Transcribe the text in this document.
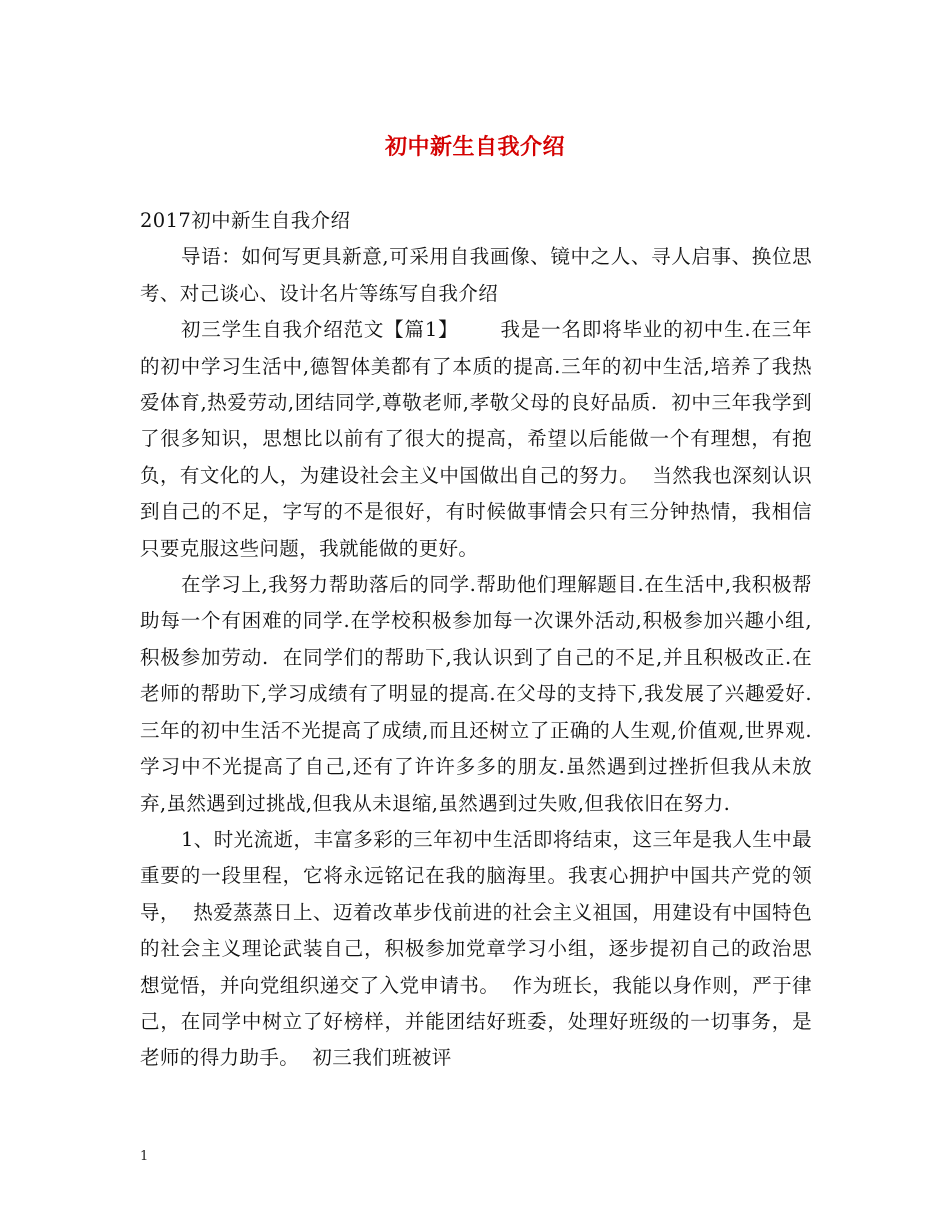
初中新生自我介绍

2017初中新生自我介绍

导语：如何写更具新意,可采用自我画像、镜中之人、寻人启事、换位思考、对己谈心、设计名片等练写自我介绍

初三学生自我介绍范文【篇1】      我是一名即将毕业的初中生.在三年的初中学习生活中,德智体美都有了本质的提高.三年的初中生活,培养了我热爱体育,热爱劳动,团结同学,尊敬老师,孝敬父母的良好品质.  初中三年我学到了很多知识，思想比以前有了很大的提高，希望以后能做一个有理想，有抱负，有文化的人，为建设社会主义中国做出自己的努力。  当然我也深刻认识到自己的不足，字写的不是很好，有时候做事情会只有三分钟热情，我相信只要克服这些问题，我就能做的更好。

在学习上,我努力帮助落后的同学.帮助他们理解题目.在生活中,我积极帮助每一个有困难的同学.在学校积极参加每一次课外活动,积极参加兴趣小组,积极参加劳动.  在同学们的帮助下,我认识到了自己的不足,并且积极改正.在老师的帮助下,学习成绩有了明显的提高.在父母的支持下,我发展了兴趣爱好.三年的初中生活不光提高了成绩,而且还树立了正确的人生观,价值观,世界观.  学习中不光提高了自己,还有了许许多多的朋友.虽然遇到过挫折但我从未放弃,虽然遇到过挑战,但我从未退缩,虽然遇到过失败,但我依旧在努力.

1、时光流逝，丰富多彩的三年初中生活即将结束，这三年是我人生中最重要的一段里程，它将永远铭记在我的脑海里。我衷心拥护中国共产党的领导，  热爱蒸蒸日上、迈着改革步伐前进的社会主义祖国，用建设有中国特色的社会主义理论武装自己，积极参加党章学习小组，逐步提初自己的政治思想觉悟，并向党组织递交了入党申请书。  作为班长，我能以身作则，严于律己，在同学中树立了好榜样，并能团结好班委，处理好班级的一切事务，是老师的得力助手。  初三我们班被评

1
